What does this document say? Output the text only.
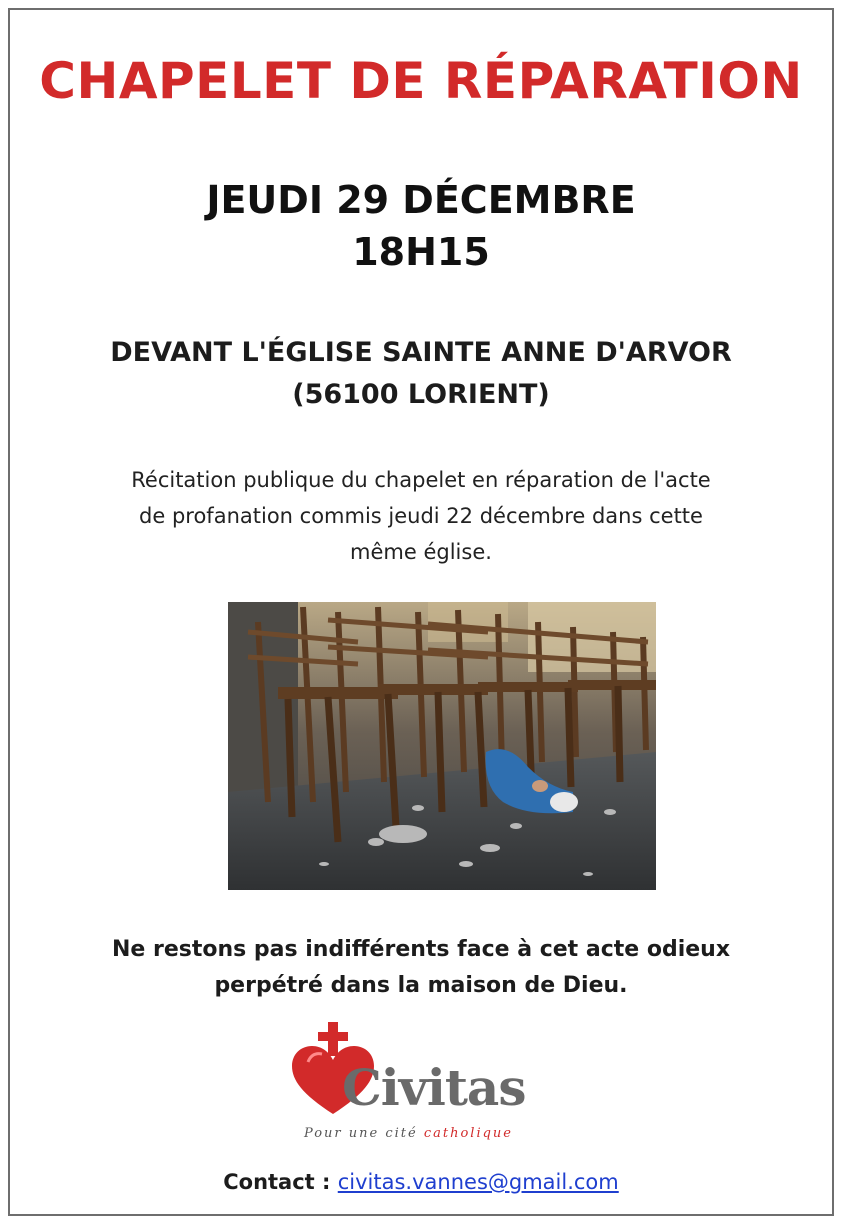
CHAPELET DE RÉPARATION
JEUDI 29 DÉCEMBRE
18H15
DEVANT L'ÉGLISE SAINTE ANNE D'ARVOR
(56100 LORIENT)
Récitation publique du chapelet en réparation de l'acte
de profanation commis jeudi 22 décembre dans cette
même église.
Ne restons pas indifférents face à cet acte odieux
perpétré dans la maison de Dieu.
Civitas
Pour une cité catholique
Contact : civitas.vannes@gmail.com
